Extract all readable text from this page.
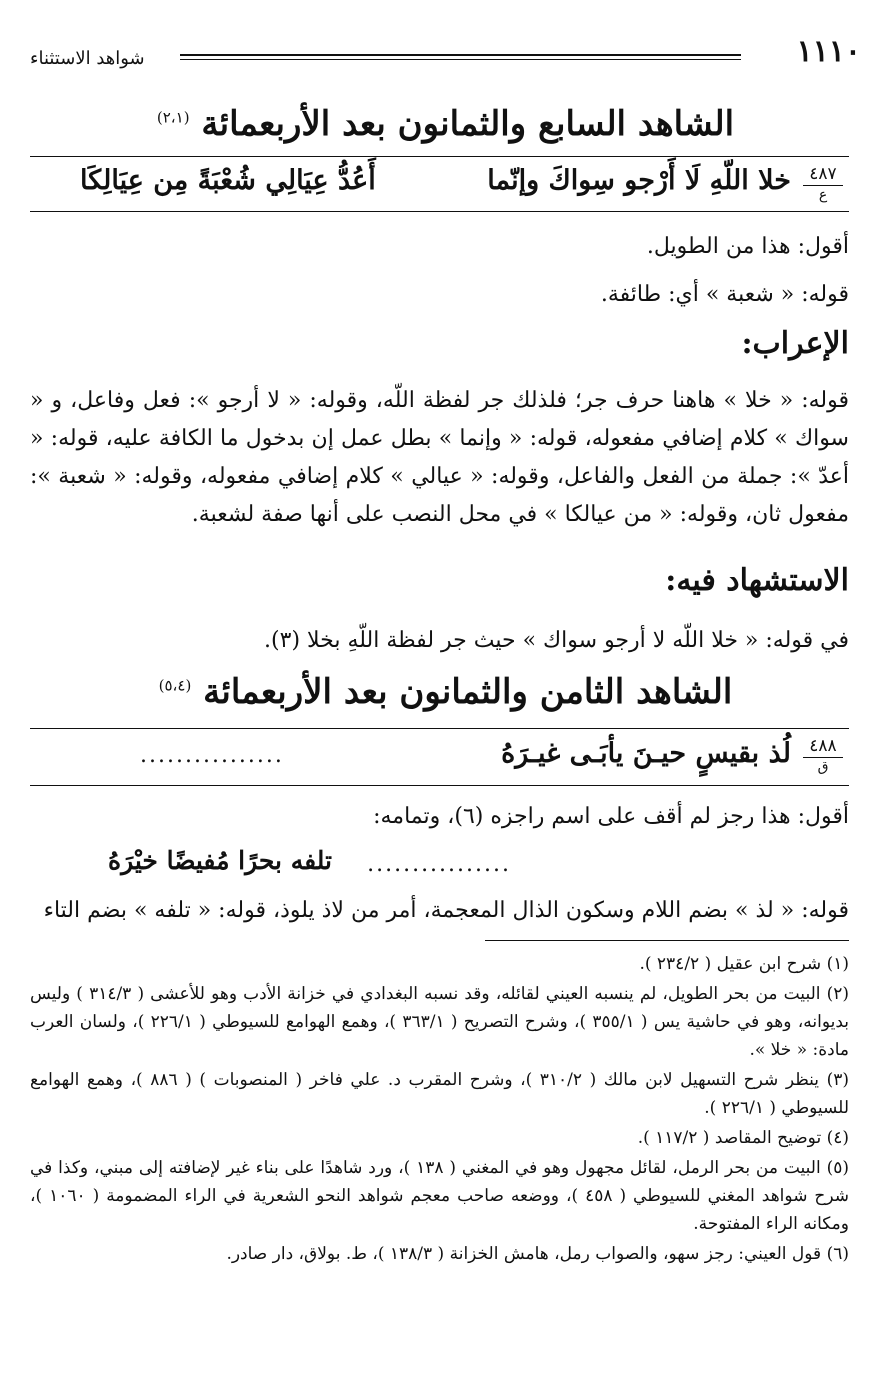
١١١٠
شواهد الاستثناء
الشاهد السابع والثمانون بعد الأربعمائة $^{(٢،١)}$
٤٨٧
ع
خلا اللّهِ لَا أَرْجو سِواكَ وإنّما
أَعُدُّ عِيَالِي شُعْبَةً مِن عِيَالِكَا
أقول: هذا من الطويل.
قوله: « شعبة » أي: طائفة.
الإعراب:
قوله: « خلا » هاهنا حرف جر؛ فلذلك جر لفظة اللّه، وقوله: « لا أرجو »: فعل وفاعل، و « سواك » كلام إضافي مفعوله، قوله: « وإنما » بطل عمل إن بدخول ما الكافة عليه، قوله: « أعدّ »: جملة من الفعل والفاعل، وقوله: « عيالي » كلام إضافي مفعوله، وقوله: « شعبة »: مفعول ثان، وقوله: « من عيالكا » في محل النصب على أنها صفة لشعبة.
الاستشهاد فيه:
في قوله: « خلا اللّه لا أرجو سواك » حيث جر لفظة اللّهِ بخلا (٣).
الشاهد الثامن والثمانون بعد الأربعمائة $^{(٥،٤)}$
٤٨٨
ق
لُذ بقيسٍ حيـنَ يأبَـى غيـرَهُ
................
أقول: هذا رجز لم أقف على اسم راجزه (٦)، وتمامه:
................
تلفه بحرًا مُفيضًا خيْرَهُ
قوله: « لذ » بضم اللام وسكون الذال المعجمة، أمر من لاذ يلوذ، قوله: « تلفه » بضم التاء
(١) شرح ابن عقيل ( ٢٣٤/٢ ).
(٢) البيت من بحر الطويل، لم ينسبه العيني لقائله، وقد نسبه البغدادي في خزانة الأدب وهو للأعشى ( ٣١٤/٣ ) وليس بديوانه، وهو في حاشية يس ( ٣٥٥/١ )، وشرح التصريح ( ٣٦٣/١ )، وهمع الهوامع للسيوطي ( ٢٢٦/١ )، ولسان العرب مادة: « خلا ».
(٣) ينظر شرح التسهيل لابن مالك ( ٣١٠/٢ )، وشرح المقرب د. علي فاخر ( المنصوبات ) ( ٨٨٦ )، وهمع الهوامع للسيوطي ( ٢٢٦/١ ).
(٤) توضيح المقاصد ( ١١٧/٢ ).
(٥) البيت من بحر الرمل، لقائل مجهول وهو في المغني ( ١٣٨ )، ورد شاهدًا على بناء غير لإضافته إلى مبني، وكذا في شرح شواهد المغني للسيوطي ( ٤٥٨ )، ووضعه صاحب معجم شواهد النحو الشعرية في الراء المضمومة ( ١٠٦٠ )، ومكانه الراء المفتوحة.
(٦) قول العيني: رجز سهو، والصواب رمل، هامش الخزانة ( ١٣٨/٣ )، ط. بولاق، دار صادر.
